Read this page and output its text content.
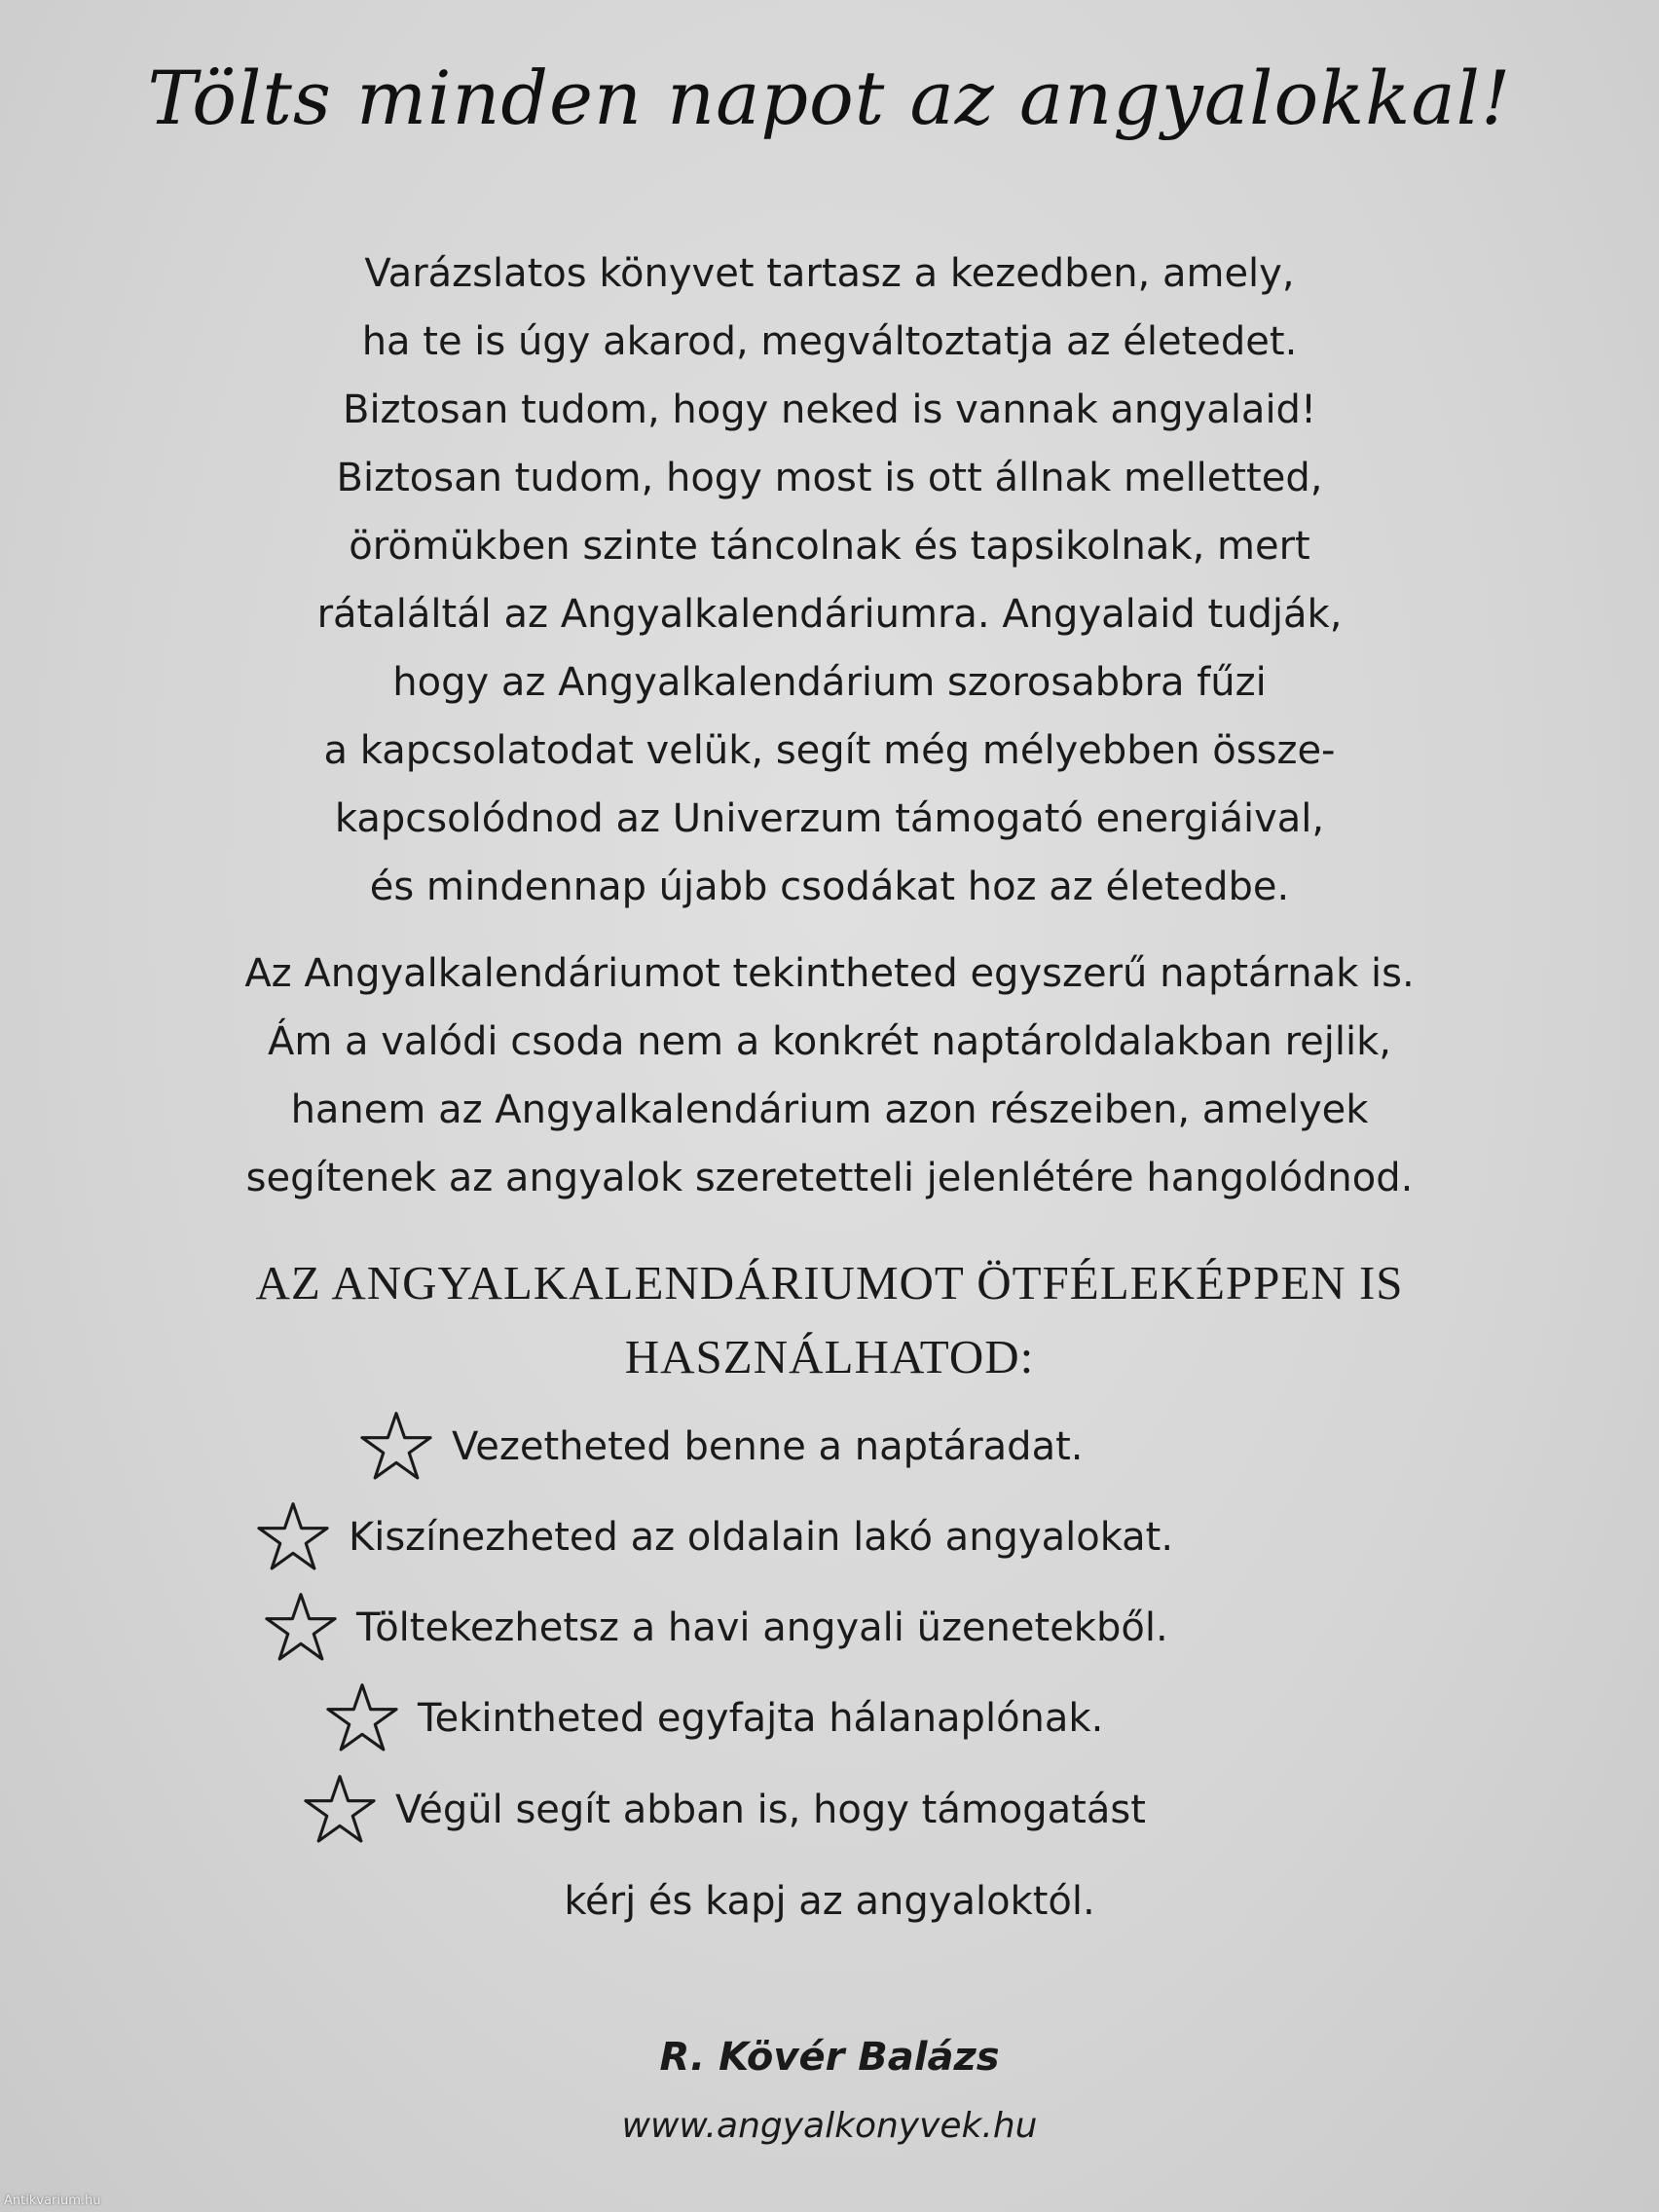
Tölts minden napot az angyalokkal!
Varázslatos könyvet tartasz a kezedben, amely,
ha te is úgy akarod, megváltoztatja az életedet.
Biztosan tudom, hogy neked is vannak angyalaid!
Biztosan tudom, hogy most is ott állnak melletted,
örömükben szinte táncolnak és tapsikolnak, mert
rátaláltál az Angyalkalendáriumra. Angyalaid tudják,
hogy az Angyalkalendárium szorosabbra fűzi
a kapcsolatodat velük, segít még mélyebben össze-
kapcsolódnod az Univerzum támogató energiáival,
és mindennap újabb csodákat hoz az életedbe.
Az Angyalkalendáriumot tekintheted egyszerű naptárnak is.
Ám a valódi csoda nem a konkrét naptároldalakban rejlik,
hanem az Angyalkalendárium azon részeiben, amelyek
segítenek az angyalok szeretetteli jelenlétére hangolódnod.
AZ ANGYALKALENDÁRIUMOT ÖTFÉLEKÉPPEN IS
HASZNÁLHATOD:
Vezetheted benne a naptáradat.
Kiszínezheted az oldalain lakó angyalokat.
Töltekezhetsz a havi angyali üzenetekből.
Tekintheted egyfajta hálanaplónak.
Végül segít abban is, hogy támogatást
kérj és kapj az angyaloktól.
R. Kövér Balázs
www.angyalkonyvek.hu
Antikvarium.hu
